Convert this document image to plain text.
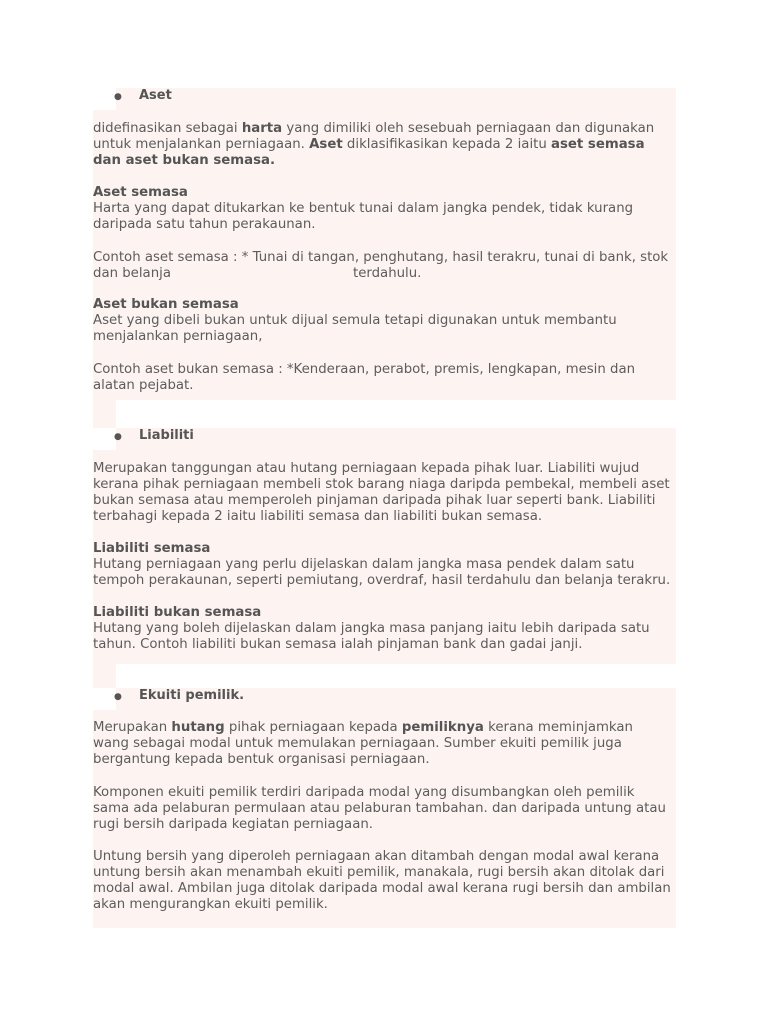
● Aset

didefinasikan sebagai harta yang dimiliki oleh sesebuah perniagaan dan digunakan untuk menjalankan perniagaan. Aset diklasifikasikan kepada 2 iaitu aset semasa dan aset bukan semasa.

Aset semasa
Harta yang dapat ditukarkan ke bentuk tunai dalam jangka pendek, tidak kurang daripada satu tahun perakaunan.

Contoh aset semasa : * Tunai di tangan, penghutang, hasil terakru, tunai di bank, stok dan belanja	terdahulu.

Aset bukan semasa
Aset yang dibeli bukan untuk dijual semula tetapi digunakan untuk membantu menjalankan perniagaan,

Contoh aset bukan semasa : *Kenderaan, perabot, premis, lengkapan, mesin dan alatan pejabat.

● Liabiliti

Merupakan tanggungan atau hutang perniagaan kepada pihak luar. Liabiliti wujud kerana pihak perniagaan membeli stok barang niaga daripda pembekal, membeli aset bukan semasa atau memperoleh pinjaman daripada pihak luar seperti bank. Liabiliti terbahagi kepada 2 iaitu liabiliti semasa dan liabiliti bukan semasa.

Liabiliti semasa
Hutang perniagaan yang perlu dijelaskan dalam jangka masa pendek dalam satu tempoh perakaunan, seperti pemiutang, overdraf, hasil terdahulu dan belanja terakru.

Liabiliti bukan semasa
Hutang yang boleh dijelaskan dalam jangka masa panjang iaitu lebih daripada satu tahun. Contoh liabiliti bukan semasa ialah pinjaman bank dan gadai janji.

● Ekuiti pemilik.

Merupakan hutang pihak perniagaan kepada pemiliknya kerana meminjamkan wang sebagai modal untuk memulakan perniagaan. Sumber ekuiti pemilik juga bergantung kepada bentuk organisasi perniagaan.

Komponen ekuiti pemilik terdiri daripada modal yang disumbangkan oleh pemilik sama ada pelaburan permulaan atau pelaburan tambahan. dan daripada untung atau rugi bersih daripada kegiatan perniagaan.

Untung bersih yang diperoleh perniagaan akan ditambah dengan modal awal kerana untung bersih akan menambah ekuiti pemilik, manakala, rugi bersih akan ditolak dari modal awal. Ambilan juga ditolak daripada modal awal kerana rugi bersih dan ambilan akan mengurangkan ekuiti pemilik.
